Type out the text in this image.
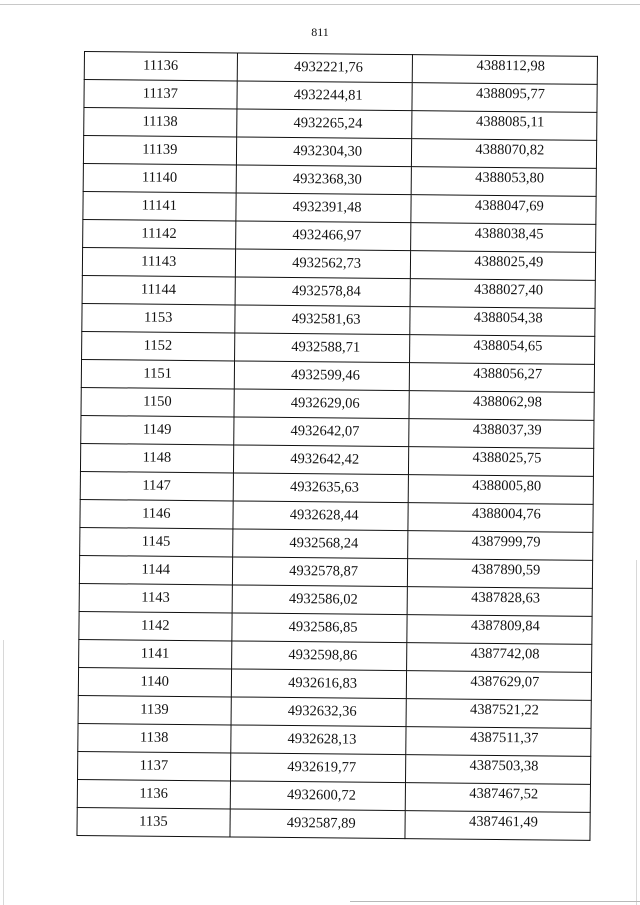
811
11136	4932221,76	4388112,98
11137	4932244,81	4388095,77
11138	4932265,24	4388085,11
11139	4932304,30	4388070,82
11140	4932368,30	4388053,80
11141	4932391,48	4388047,69
11142	4932466,97	4388038,45
11143	4932562,73	4388025,49
11144	4932578,84	4388027,40
1153	4932581,63	4388054,38
1152	4932588,71	4388054,65
1151	4932599,46	4388056,27
1150	4932629,06	4388062,98
1149	4932642,07	4388037,39
1148	4932642,42	4388025,75
1147	4932635,63	4388005,80
1146	4932628,44	4388004,76
1145	4932568,24	4387999,79
1144	4932578,87	4387890,59
1143	4932586,02	4387828,63
1142	4932586,85	4387809,84
1141	4932598,86	4387742,08
1140	4932616,83	4387629,07
1139	4932632,36	4387521,22
1138	4932628,13	4387511,37
1137	4932619,77	4387503,38
1136	4932600,72	4387467,52
1135	4932587,89	4387461,49
